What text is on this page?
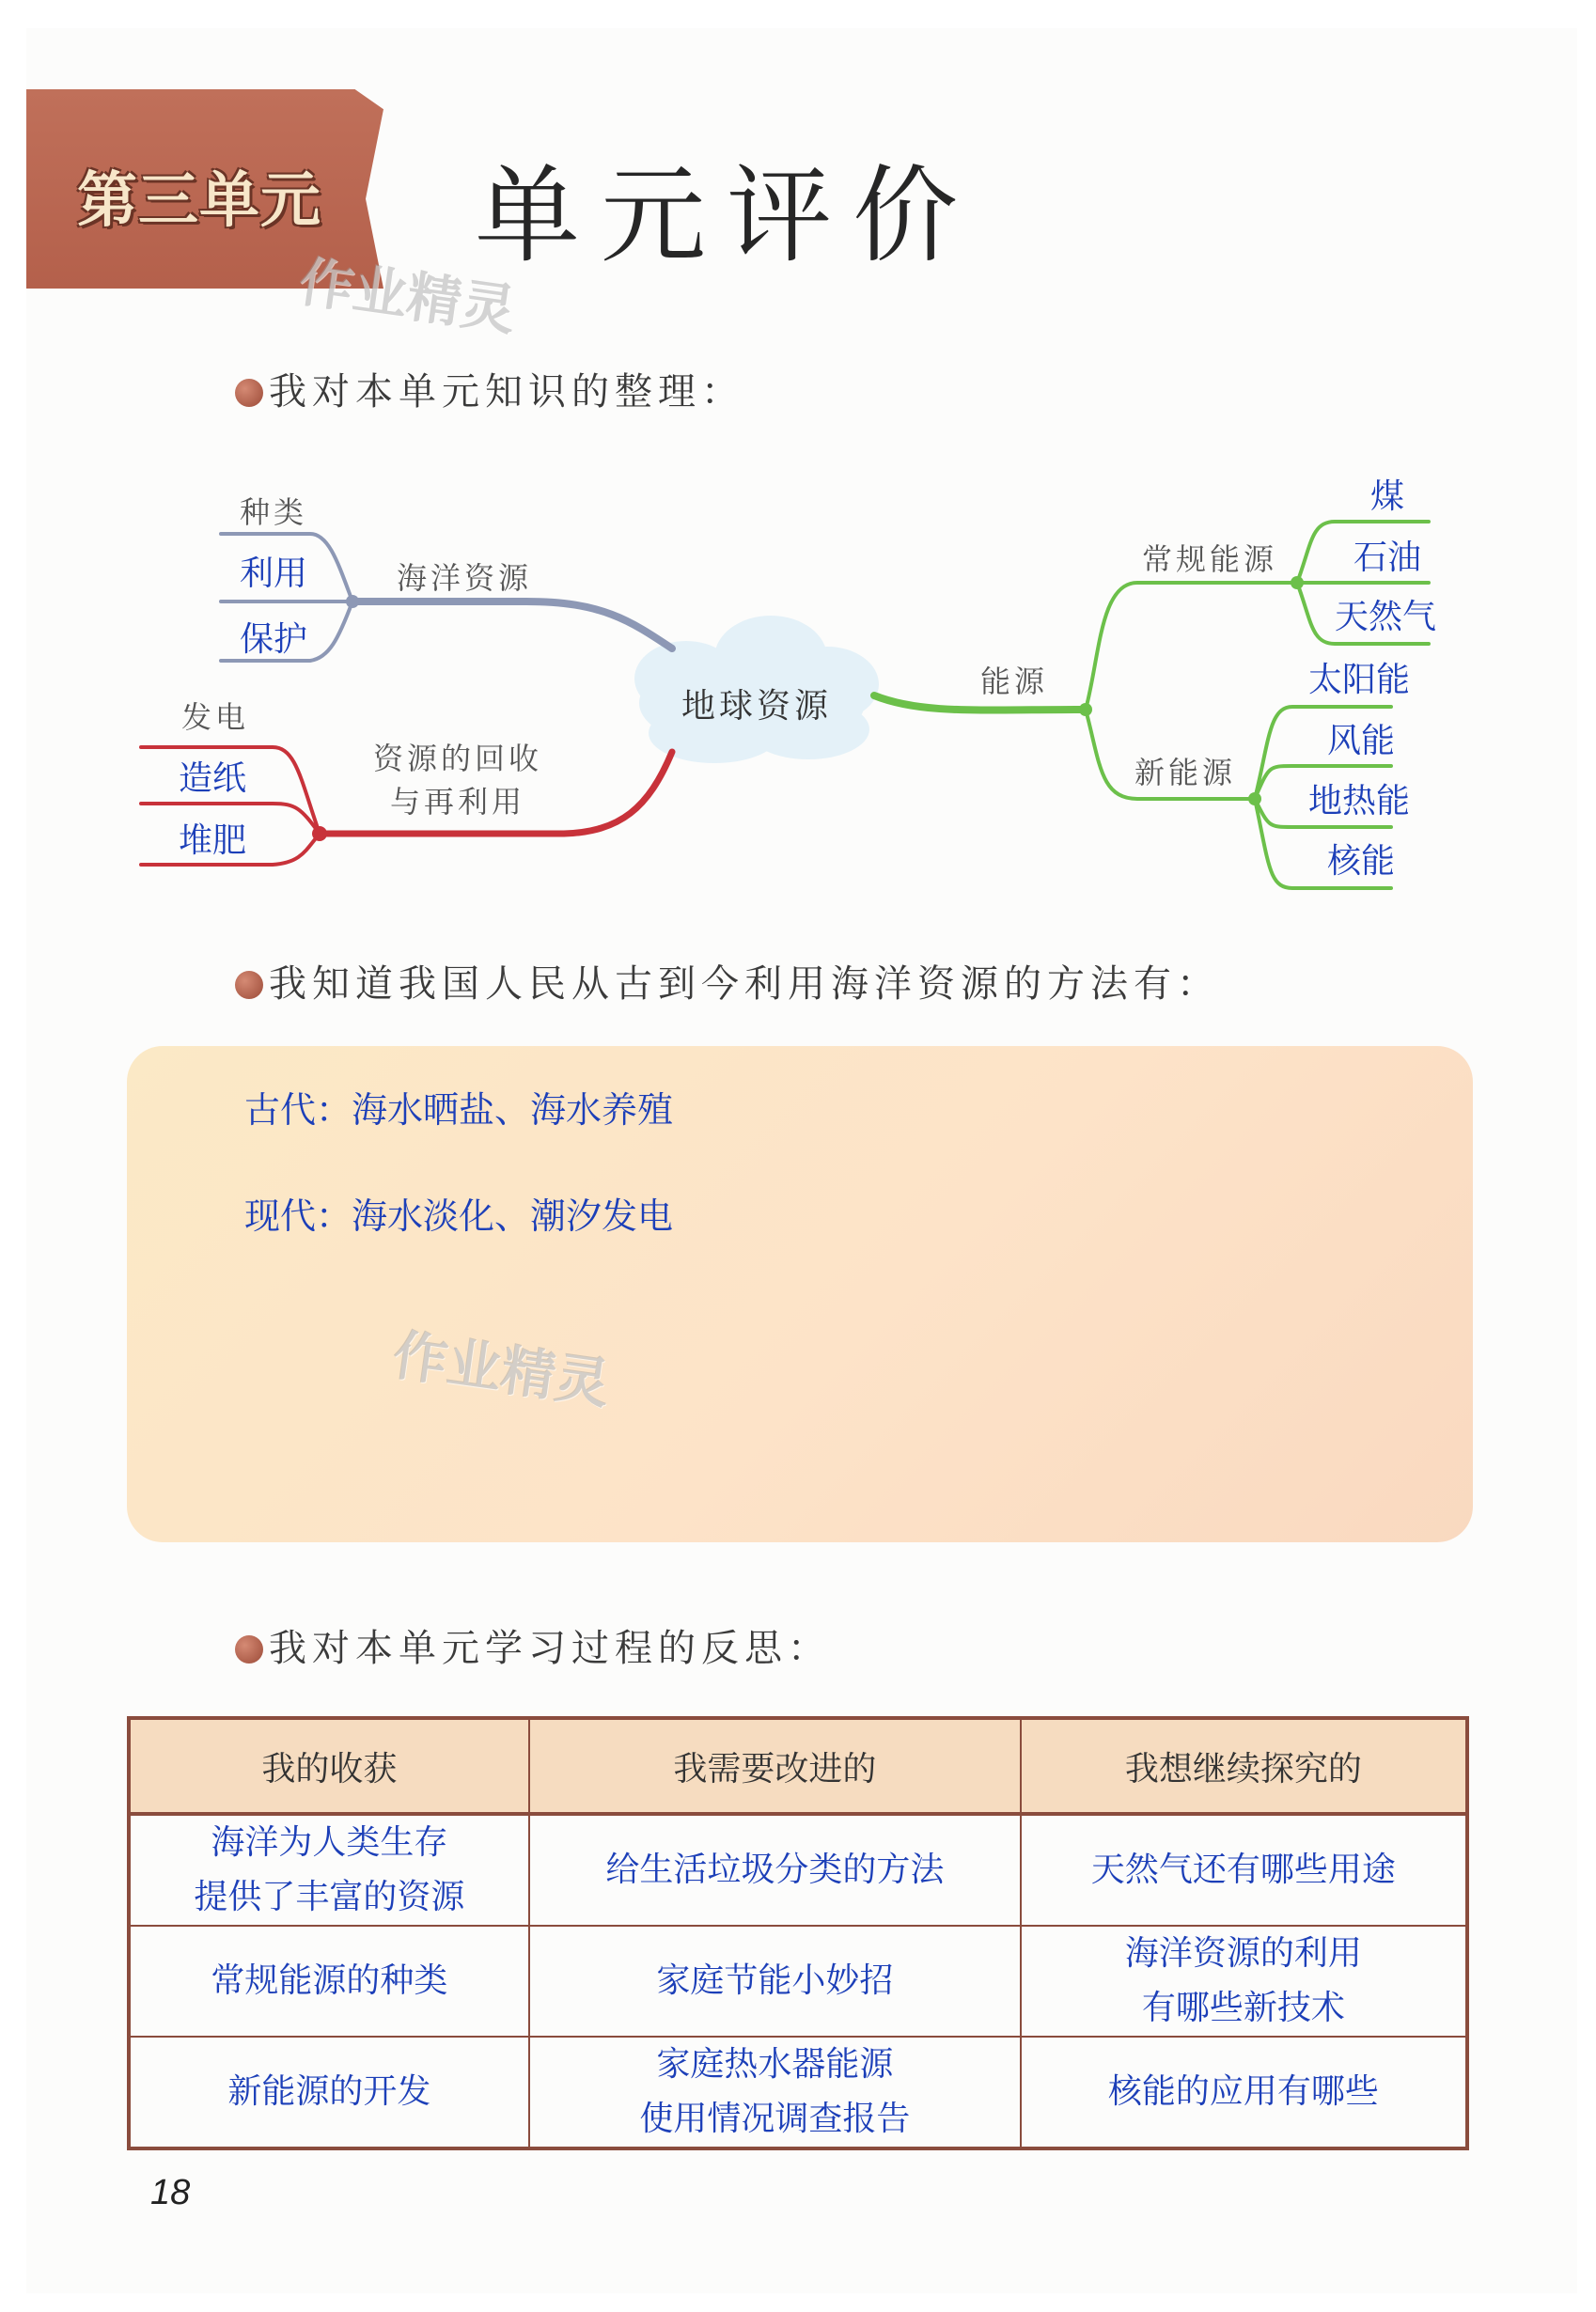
第三单元 单元评价
作业精灵
我对本单元知识的整理：
地球资源
海洋资源
种类
利用
保护
资源的回收
与再利用
发电
造纸
堆肥
能源
常规能源
煤
石油
天然气
新能源
太阳能
风能
地热能
核能
我知道我国人民从古到今利用海洋资源的方法有：
古代：海水晒盐、海水养殖
现代：海水淡化、潮汐发电
作业精灵
我对本单元学习过程的反思：
我的收获	我需要改进的	我想继续探究的

海洋为人类生存
提供了丰富的资源	给生活垃圾分类的方法	天然气还有哪些用途

常规能源的种类	家庭节能小妙招	海洋资源的利用
有哪些新技术

新能源的开发	家庭热水器能源
使用情况调查报告	核能的应用有哪些
18
